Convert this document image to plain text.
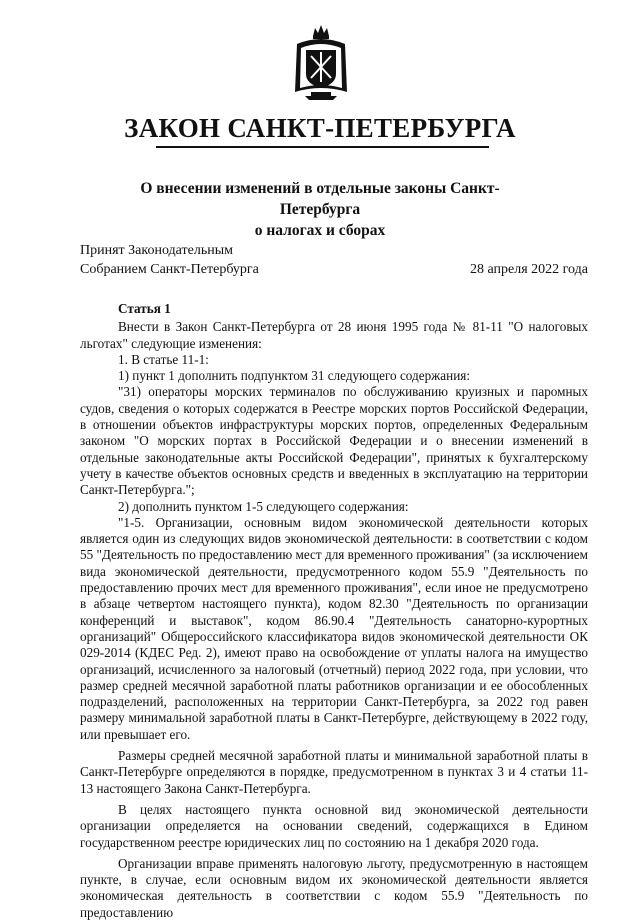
ЗАКОН САНКТ-ПЕТЕРБУРГА
О внесении изменений в отдельные законы Санкт-Петербурга
о налогах и сборах
Принят Законодательным
Собранием Санкт-Петербурга	28 апреля 2022 года

Статья 1

Внести в Закон Санкт-Петербурга от 28 июня 1995 года № 81-11 "О налоговых льготах" следующие изменения:

1. В статье 11-1:

1) пункт 1 дополнить подпунктом 31 следующего содержания:

"31) операторы морских терминалов по обслуживанию круизных и паромных судов, сведения о которых содержатся в Реестре морских портов Российской Федерации, в отношении объектов инфраструктуры морских портов, определенных Федеральным законом "О морских портах в Российской Федерации и о внесении изменений в отдельные законодательные акты Российской Федерации", принятых к бухгалтерскому учету в качестве объектов основных средств и введенных в эксплуатацию на территории Санкт-Петербурга.";

2) дополнить пунктом 1-5 следующего содержания:

"1-5. Организации, основным видом экономической деятельности которых является один из следующих видов экономической деятельности: в соответствии с кодом 55 "Деятельность по предоставлению мест для временного проживания" (за исключением вида экономической деятельности, предусмотренного кодом 55.9 "Деятельность по предоставлению прочих мест для временного проживания", если иное не предусмотрено в абзаце четвертом настоящего пункта), кодом 82.30 "Деятельность по организации конференций и выставок", кодом 86.90.4 "Деятельность санаторно-курортных организаций" Общероссийского классификатора видов экономической деятельности ОК 029-2014 (КДЕС Ред. 2), имеют право на освобождение от уплаты налога на имущество организаций, исчисленного за налоговый (отчетный) период 2022 года, при условии, что размер средней месячной заработной платы работников организации и ее обособленных подразделений, расположенных на территории Санкт-Петербурга, за 2022 год равен размеру минимальной заработной платы в Санкт-Петербурге, действующему в 2022 году, или превышает его.

Размеры средней месячной заработной платы и минимальной заработной платы в Санкт-Петербурге определяются в порядке, предусмотренном в пунктах 3 и 4 статьи 11-13 настоящего Закона Санкт-Петербурга.

В целях настоящего пункта основной вид экономической деятельности организации определяется на основании сведений, содержащихся в Едином государственном реестре юридических лиц по состоянию на 1 декабря 2020 года.

Организации вправе применять налоговую льготу, предусмотренную в настоящем пункте, в случае, если основным видом их экономической деятельности является экономическая деятельность в соответствии с кодом 55.9 "Деятельность по предоставлению
